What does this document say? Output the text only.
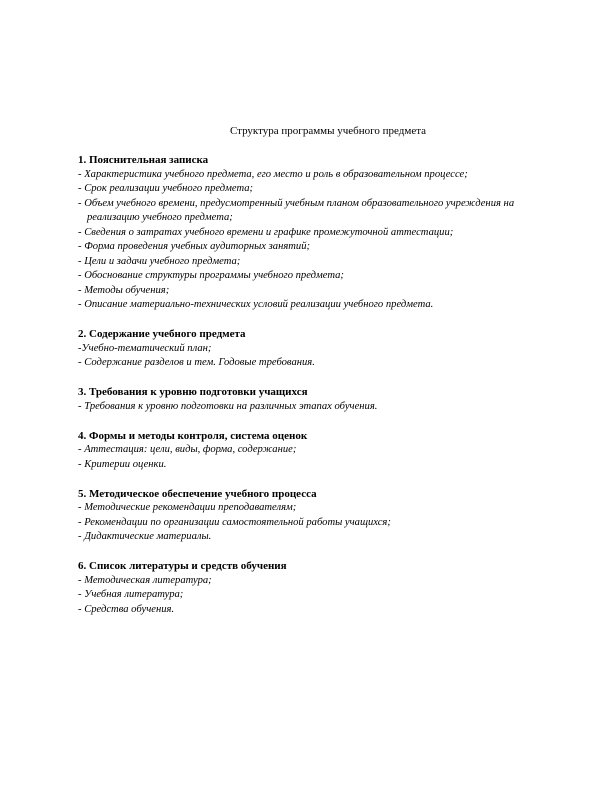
Структура программы учебного предмета

1. Пояснительная записка

- Характеристика учебного предмета, его место и роль в образовательном процессе;
- Срок реализации учебного предмета;
- Объем учебного времени, предусмотренный учебным планом образовательного учреждения на реализацию учебного предмета;
- Сведения о затратах учебного времени и графике промежуточной аттестации;
- Форма проведения учебных аудиторных занятий;
- Цели и задачи учебного предмета;
- Обоснование структуры программы учебного предмета;
- Методы обучения;
- Описание материально-технических условий реализации учебного предмета.

2. Содержание учебного предмета

-Учебно-тематический план;
- Содержание разделов и тем. Годовые требования.

3. Требования к уровню подготовки учащихся

- Требования к уровню подготовки на различных этапах обучения.

4. Формы и методы контроля, система оценок

- Аттестация: цели, виды, форма, содержание;
- Критерии оценки.

5. Методическое обеспечение учебного процесса

- Методические рекомендации преподавателям;
- Рекомендации по организации самостоятельной работы учащихся;
- Дидактические материалы.

6. Список литературы и средств обучения

- Методическая литература;
- Учебная литература;
- Средства обучения.
